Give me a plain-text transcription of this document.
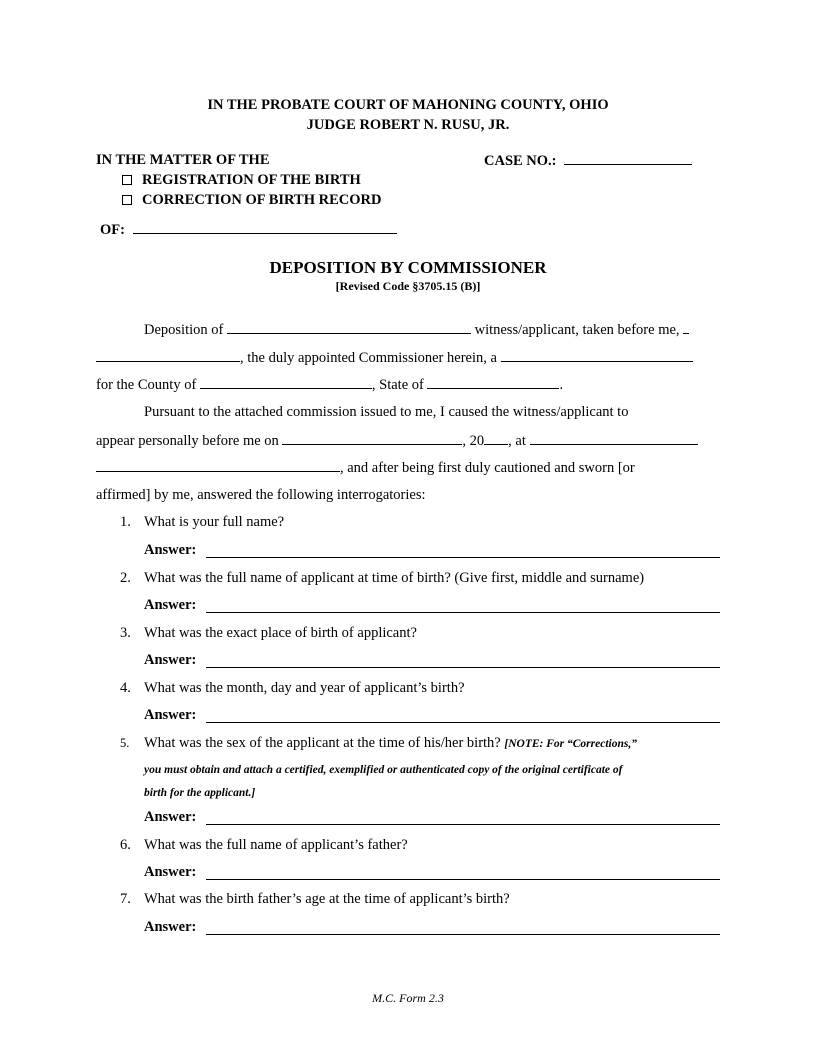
IN THE PROBATE COURT OF MAHONING COUNTY, OHIO
JUDGE ROBERT N. RUSU, JR.
IN THE MATTER OF THE	CASE NO.:
REGISTRATION OF THE BIRTH
CORRECTION OF BIRTH RECORD
OF:
DEPOSITION BY COMMISSIONER
[Revised Code §3705.15 (B)]
Deposition of	witness/applicant, taken before me,
, the duly appointed Commissioner herein, a
for the County of	, State of	.
Pursuant to the attached commission issued to me, I caused the witness/applicant to
appear personally before me on	, 20 , at
, and after being first duly cautioned and sworn [or
affirmed] by me, answered the following interrogatories:
1. What is your full name?
Answer:
2. What was the full name of applicant at time of birth? (Give first, middle and surname)
Answer:
3. What was the exact place of birth of applicant?
Answer:
4. What was the month, day and year of applicant’s birth?
Answer:
5. What was the sex of the applicant at the time of his/her birth? [NOTE: For “Corrections,”
you must obtain and attach a certified, exemplified or authenticated copy of the original certificate of
birth for the applicant.]
Answer:
6. What was the full name of applicant’s father?
Answer:
7. What was the birth father’s age at the time of applicant’s birth?
Answer:
M.C. Form 2.3
